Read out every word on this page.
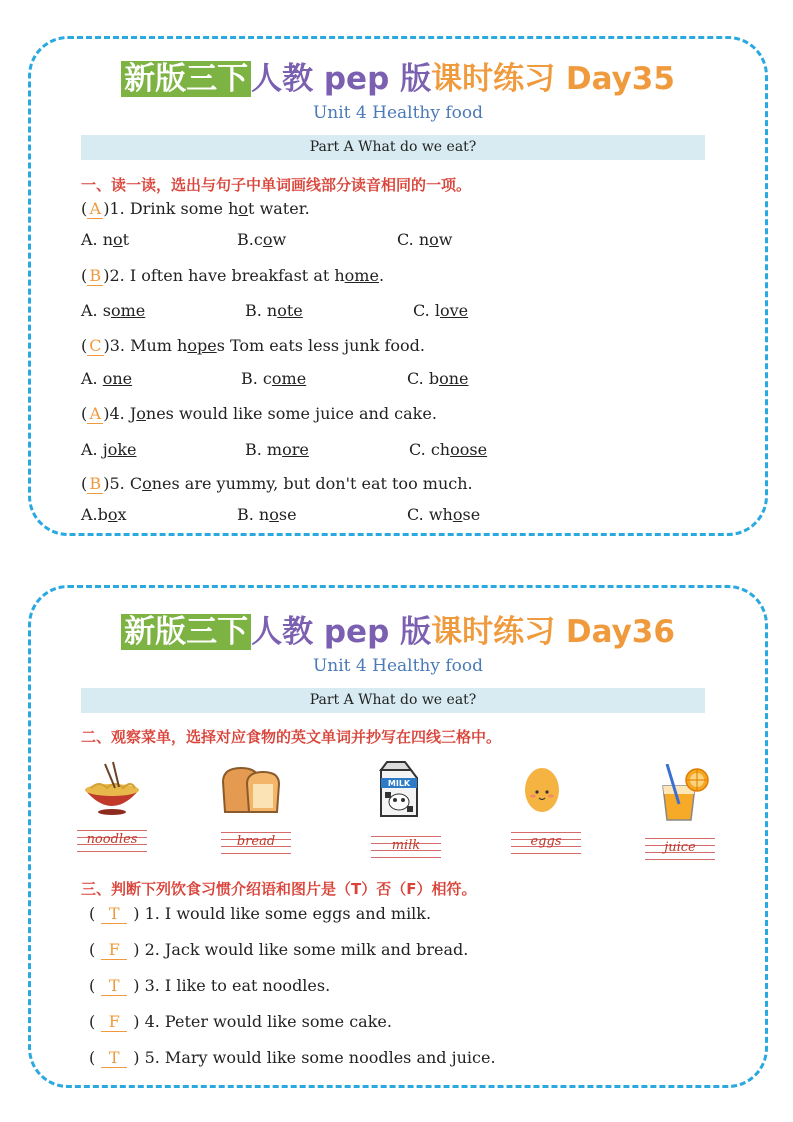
新版三下人教 pep 版课时练习 Day35
Unit 4 Healthy food
Part A What do we eat?
一、读一读，选出与句子中单词画线部分读音相同的一项。
( A )1. Drink some hot water.
A. not	B.cow	C. now
( B )2. I often have breakfast at home.
A. some	B. note	C. love
( C )3. Mum hopes Tom eats less junk food.
A. one	B. come	C. bone
( A )4. Jones would like some juice and cake.
A. joke	B. more	C. choose
( B )5. Cones are yummy, but don't eat too much.
A.box	B. nose	C. whose
新版三下人教 pep 版课时练习 Day36
Unit 4 Healthy food
Part A What do we eat?
二、观察菜单，选择对应食物的英文单词并抄写在四线三格中。
MILK
noodles	bread	milk	eggs	juice
三、判断下列饮食习惯介绍语和图片是（T）否（F）相符。
( T ) 1. I would like some eggs and milk.
( F ) 2. Jack would like some milk and bread.
( T ) 3. I like to eat noodles.
( F ) 4. Peter would like some cake.
( T ) 5. Mary would like some noodles and juice.
